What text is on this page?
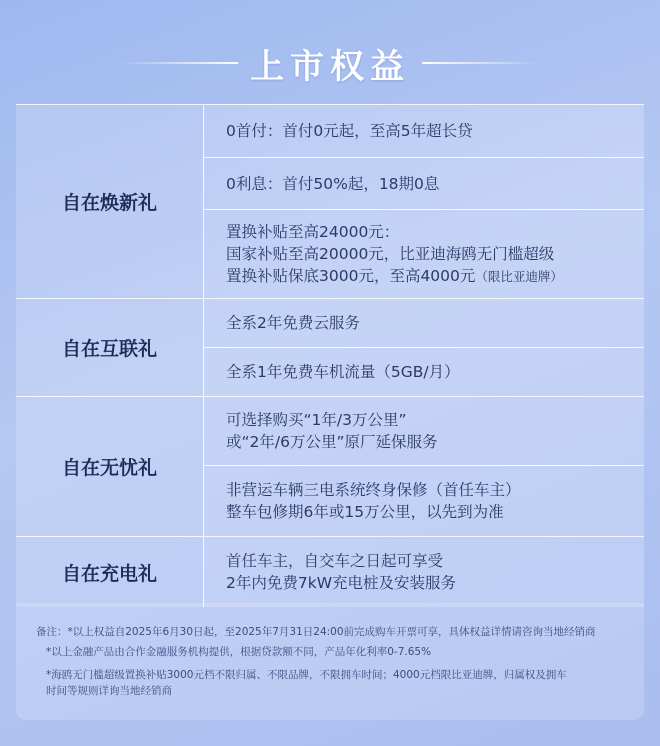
上市权益
自在焕新礼
0首付：首付0元起，至高5年超长贷
0利息：首付50%起，18期0息
置换补贴至高24000元：
国家补贴至高20000元，比亚迪海鸥无门槛超级
置换补贴保底3000元，至高4000元（限比亚迪牌）
自在互联礼
全系2年免费云服务
全系1年免费车机流量（5GB/月）
自在无忧礼
可选择购买“1年/3万公里”
或“2年/6万公里”原厂延保服务
非营运车辆三电系统终身保修（首任车主）
整车包修期6年或15万公里，以先到为准
自在充电礼
首任车主，自交车之日起可享受
2年内免费7kW充电桩及安装服务
备注：*以上权益自2025年6月30日起，至2025年7月31日24:00前完成购车开票可享，具体权益详情请咨询当地经销商
*以上金融产品由合作金融服务机构提供，根据贷款额不同，产品年化利率0-7.65%
*海鸥无门槛超级置换补贴3000元档不限归属、不限品牌，不限拥车时间；4000元档限比亚迪牌，归属权及拥车
时间等规则详询当地经销商
